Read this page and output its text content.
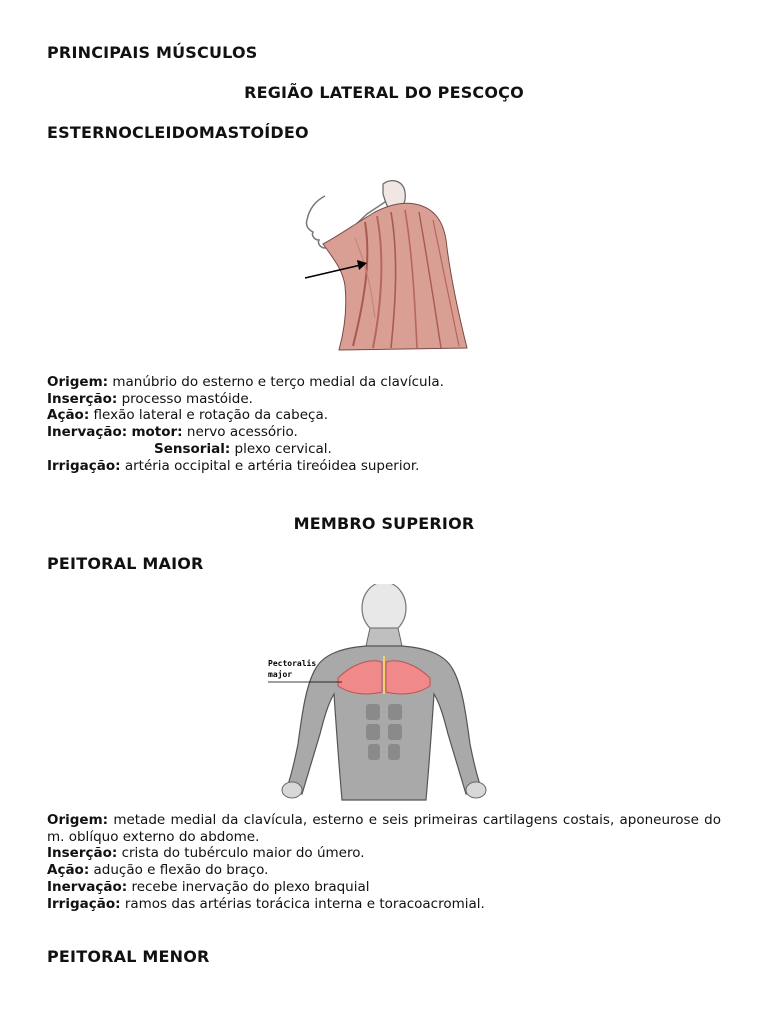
PRINCIPAIS MÚSCULOS
REGIÃO LATERAL DO PESCOÇO
ESTERNOCLEIDOMASTOÍDEO
Origem: manúbrio do esterno e terço medial da clavícula.
Inserção: processo mastóide.
Ação: flexão lateral e rotação da cabeça.
Inervação: motor: nervo acessório.
Sensorial: plexo cervical.
Irrigação: artéria occipital e artéria tireóidea superior.
MEMBRO SUPERIOR
PEITORAL MAIOR
Pectoralis
major
Origem: metade medial da clavícula, esterno e seis primeiras cartilagens costais, aponeurose do m. oblíquo externo do abdome.
Inserção: crista do tubérculo maior do úmero.
Ação: adução e flexão do braço.
Inervação: recebe inervação do plexo braquial
Irrigação: ramos das artérias torácica interna e toracoacromial.
PEITORAL MENOR
